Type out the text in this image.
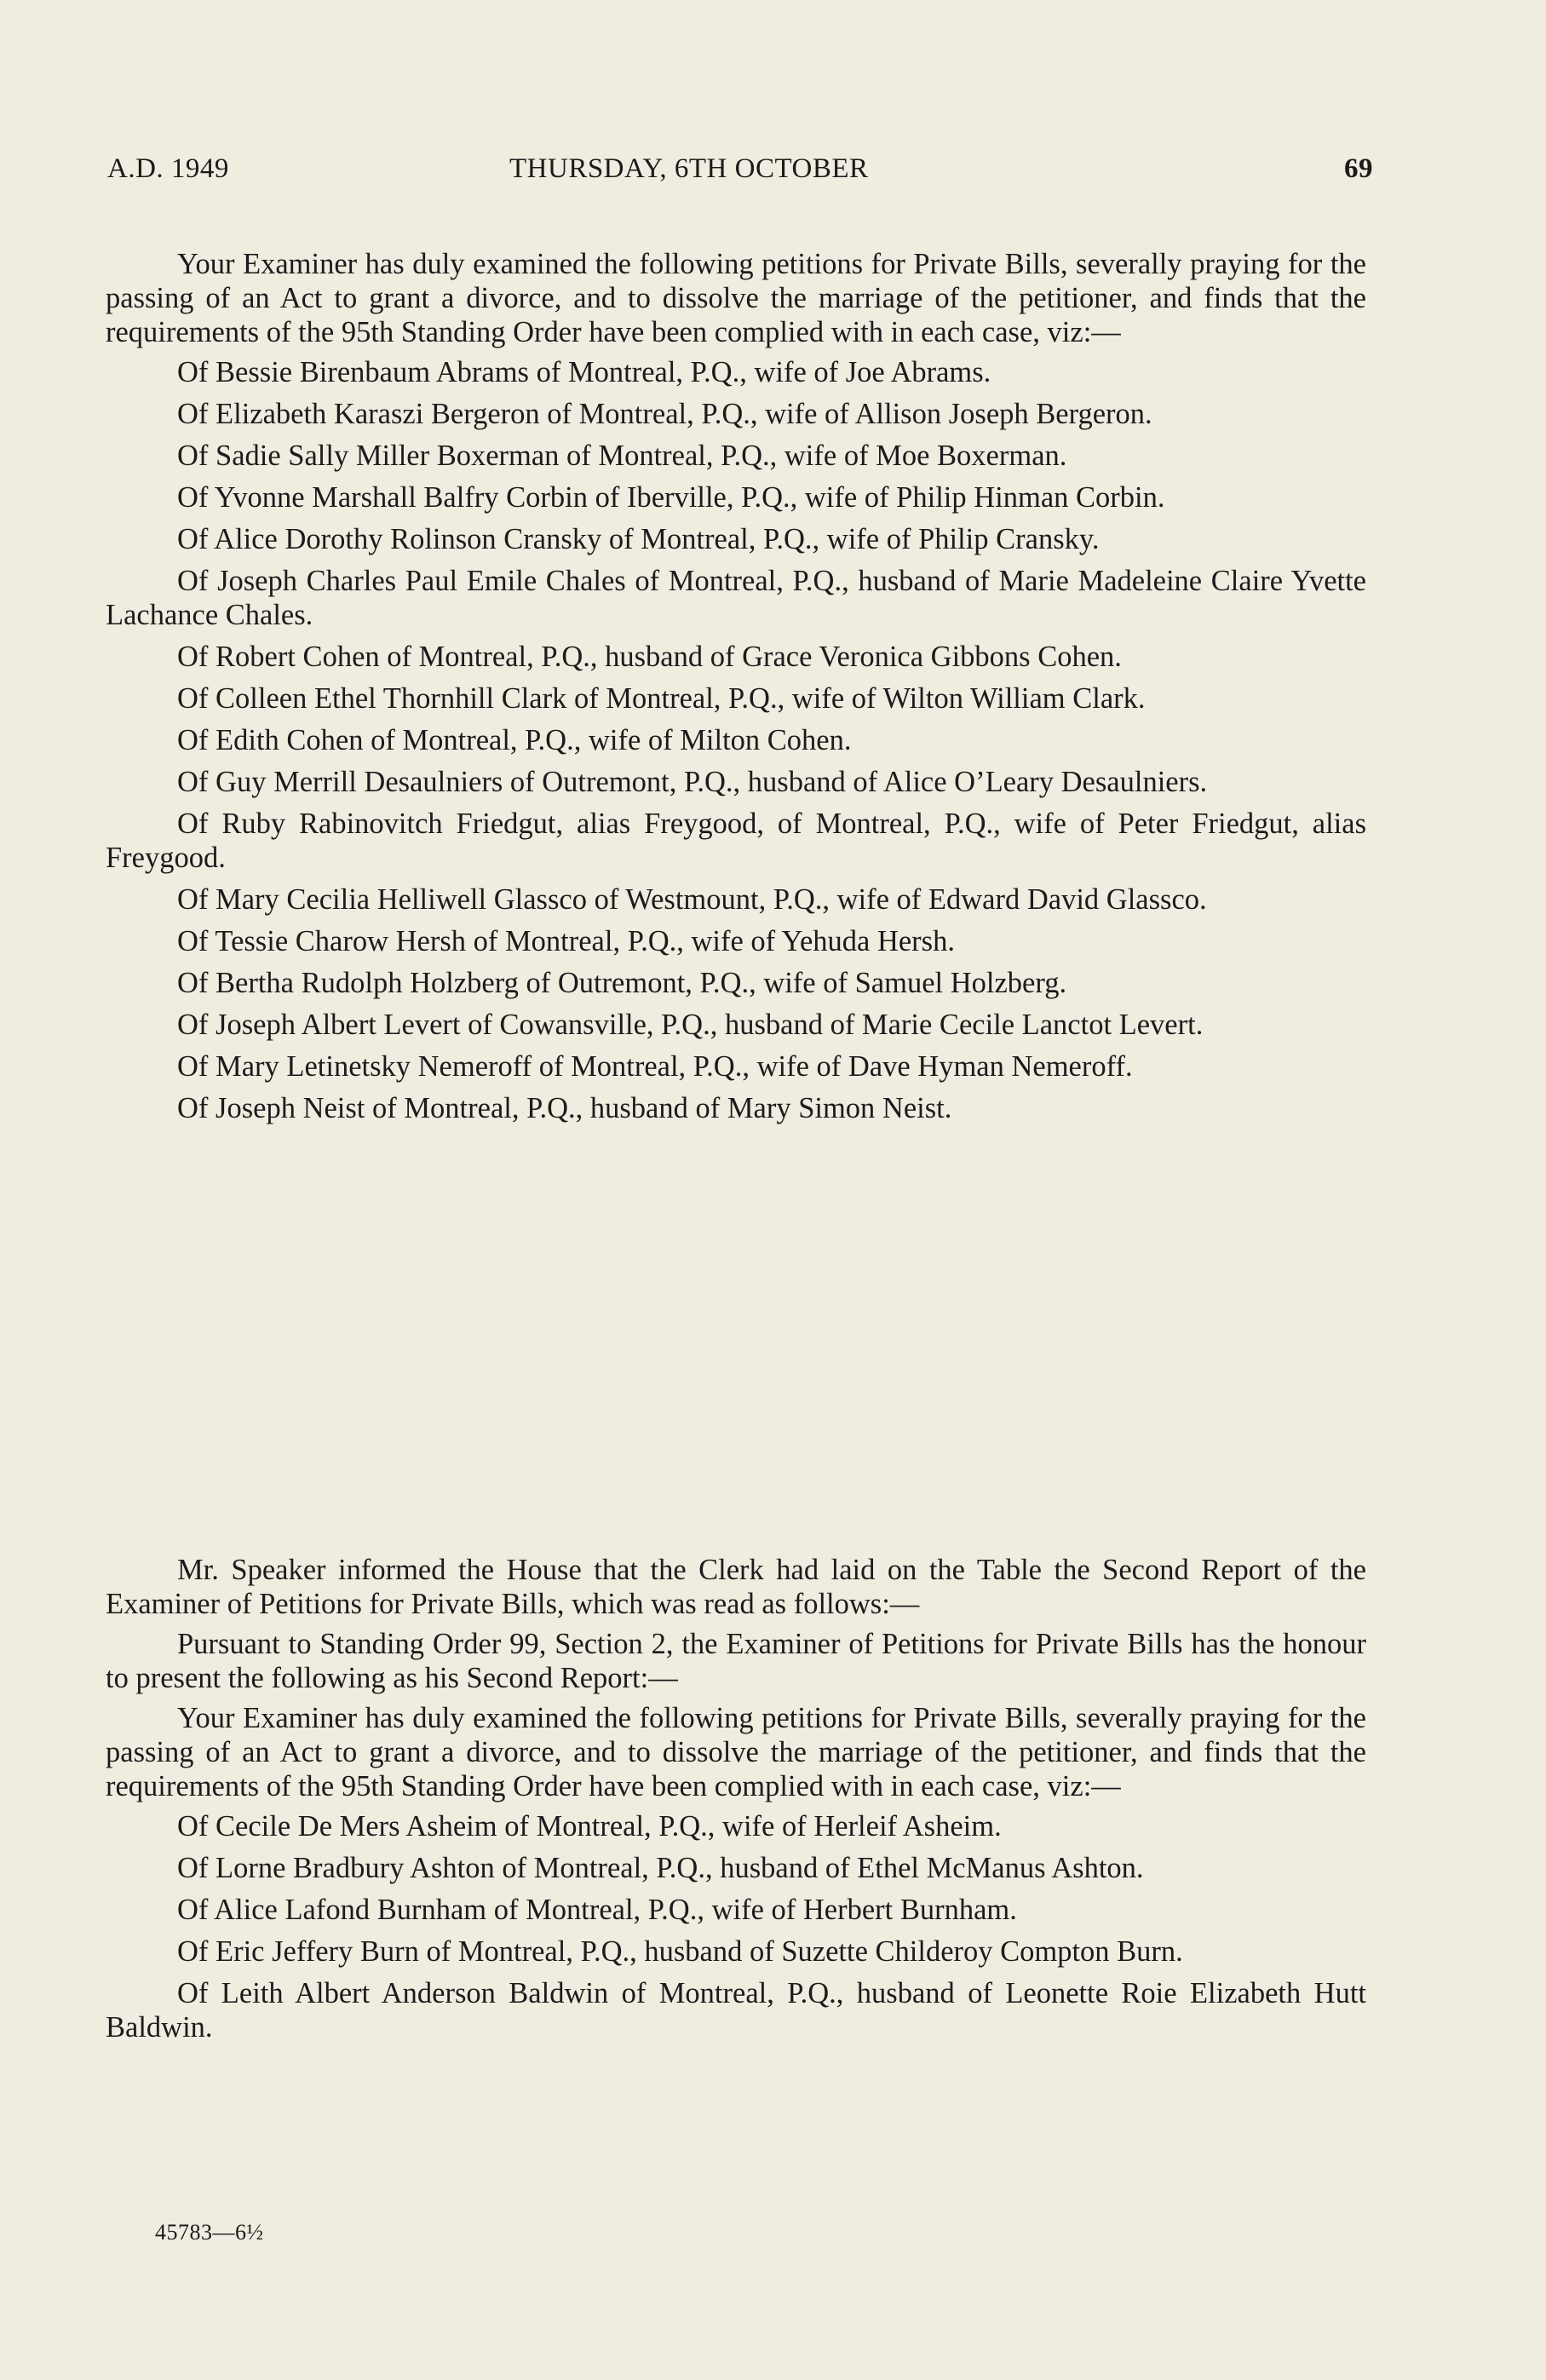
A.D. 1949	THURSDAY, 6TH OCTOBER	69

Your Examiner has duly examined the following petitions for Private Bills, severally praying for the passing of an Act to grant a divorce, and to dissolve the marriage of the petitioner, and finds that the requirements of the 95th Standing Order have been complied with in each case, viz:—

Of Bessie Birenbaum Abrams of Montreal, P.Q., wife of Joe Abrams.

Of Elizabeth Karaszi Bergeron of Montreal, P.Q., wife of Allison Joseph Bergeron.

Of Sadie Sally Miller Boxerman of Montreal, P.Q., wife of Moe Boxerman.

Of Yvonne Marshall Balfry Corbin of Iberville, P.Q., wife of Philip Hinman Corbin.

Of Alice Dorothy Rolinson Cransky of Montreal, P.Q., wife of Philip Cransky.

Of Joseph Charles Paul Emile Chales of Montreal, P.Q., husband of Marie Madeleine Claire Yvette Lachance Chales.

Of Robert Cohen of Montreal, P.Q., husband of Grace Veronica Gibbons Cohen.

Of Colleen Ethel Thornhill Clark of Montreal, P.Q., wife of Wilton William Clark.

Of Edith Cohen of Montreal, P.Q., wife of Milton Cohen.

Of Guy Merrill Desaulniers of Outremont, P.Q., husband of Alice O’Leary Desaulniers.

Of Ruby Rabinovitch Friedgut, alias Freygood, of Montreal, P.Q., wife of Peter Friedgut, alias Freygood.

Of Mary Cecilia Helliwell Glassco of Westmount, P.Q., wife of Edward David Glassco.

Of Tessie Charow Hersh of Montreal, P.Q., wife of Yehuda Hersh.

Of Bertha Rudolph Holzberg of Outremont, P.Q., wife of Samuel Holzberg.

Of Joseph Albert Levert of Cowansville, P.Q., husband of Marie Cecile Lanctot Levert.

Of Mary Letinetsky Nemeroff of Montreal, P.Q., wife of Dave Hyman Nemeroff.

Of Joseph Neist of Montreal, P.Q., husband of Mary Simon Neist.

Mr. Speaker informed the House that the Clerk had laid on the Table the Second Report of the Examiner of Petitions for Private Bills, which was read as follows:—

Pursuant to Standing Order 99, Section 2, the Examiner of Petitions for Private Bills has the honour to present the following as his Second Report:—

Your Examiner has duly examined the following petitions for Private Bills, severally praying for the passing of an Act to grant a divorce, and to dissolve the marriage of the petitioner, and finds that the requirements of the 95th Standing Order have been complied with in each case, viz:—

Of Cecile De Mers Asheim of Montreal, P.Q., wife of Herleif Asheim.

Of Lorne Bradbury Ashton of Montreal, P.Q., husband of Ethel McManus Ashton.

Of Alice Lafond Burnham of Montreal, P.Q., wife of Herbert Burnham.

Of Eric Jeffery Burn of Montreal, P.Q., husband of Suzette Childeroy Compton Burn.

Of Leith Albert Anderson Baldwin of Montreal, P.Q., husband of Leonette Roie Elizabeth Hutt Baldwin.

45783—6½
